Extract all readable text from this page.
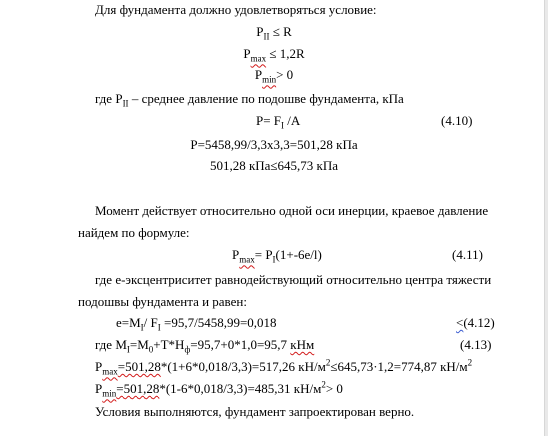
Для фундамента должно удовлетворяться условие:
$P_{II} \le R$
$P_{max} \le 1,2R$
$P_{min}> 0$
где $P_{II}$ – среднее давление по подошве фундамента, кПа
$P= F_I$ /A	(4.10)
P=5458,99/3,3x3,3=501,28 кПа
501,28 кПа≤645,73 кПа
Момент действует относительно одной оси инерции, краевое давление
найдем по формуле:
$P_{max}= P_I(1+-6e/l)$	(4.11)
где е-эксцентриситет равнодействующий относительно центра тяжести
подошвы фундамента и равен:
$e=M_I/$ $F_I =95,7/5458,99=0,018$	<(4.12)
где $M_I=M_0+T*H_ф=95,7+0*1,0=95,7$ кНм	(4.13)
$P_{max}=501,28*(1+6*0,018/3,3)=517,26$ $кН/м^2\le 645,73\cdot 1,2=774,87$ $кН/м^2$
$P_{min}=501,28*(1-6*0,018/3,3)=485,31$ $кН/м^2> 0$
Условия выполняются, фундамент запроектирован верно.
